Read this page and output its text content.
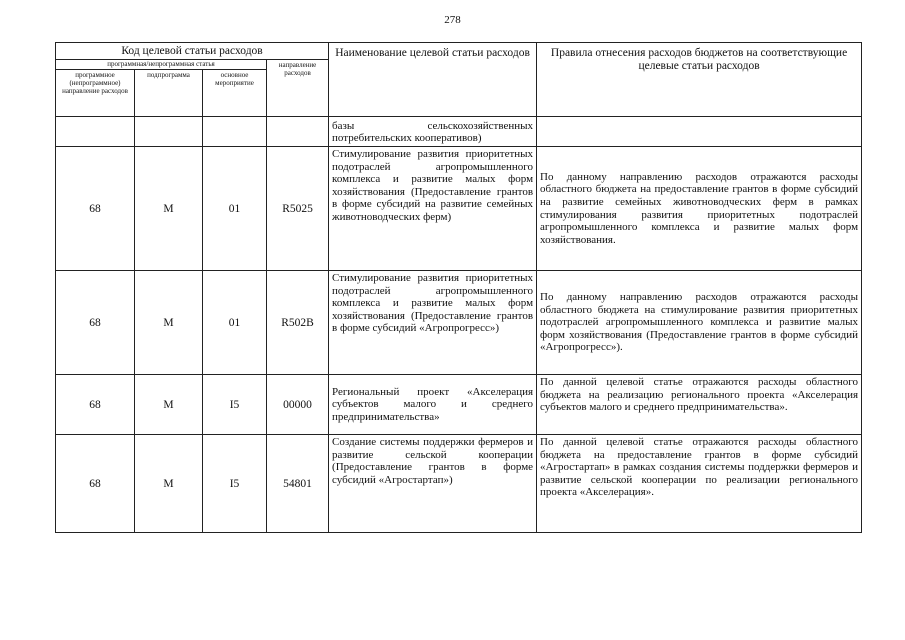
278
Код целевой статьи расходов				Наименование целевой статьи расходов	Правила отнесения расходов бюджетов на соответствующие целевые статьи расходов
программная/непрограммная статья			направление расходов		
программное (непрограммное) направление расходов	подпрограмма	основное мероприятие			

				базы сельскохозяйственных потребительских кооперативов)	

68	М	01	R5025	Стимулирование развития приоритетных подотраслей агропромышленного комплекса и развитие малых форм хозяйствования (Предоставление грантов в форме субсидий на развитие семейных животноводческих ферм)	По данному направлению расходов отражаются расходы областного бюджета на предоставление грантов в форме субсидий на развитие семейных животноводческих ферм в рамках стимулирования развития приоритетных подотраслей агропромышленного комплекса и развитие малых форм хозяйствования.
68	М	01	R502B	Стимулирование развития приоритетных подотраслей агропромышленного комплекса и развитие малых форм хозяйствования (Предоставление грантов в форме субсидий «Агропрогресс»)	По данному направлению расходов отражаются расходы областного бюджета на стимулирование развития приоритетных подотраслей агропромышленного комплекса и развитие малых форм хозяйствования (Предоставление грантов в форме субсидий «Агропрогресс»).
68	М	I5	00000	Региональный проект «Акселерация субъектов малого и среднего предпринимательства»	По данной целевой статье отражаются расходы областного бюджета на реализацию регионального проекта «Акселерация субъектов малого и среднего предпринимательства».
68	М	I5	54801	Создание системы поддержки фермеров и развитие сельской кооперации (Предоставление грантов в форме субсидий «Агростартап»)	По данной целевой статье отражаются расходы областного бюджета на предоставление грантов в форме субсидий «Агростартап» в рамках создания системы поддержки фермеров и развитие сельской кооперации по реализации регионального проекта «Акселерация».
